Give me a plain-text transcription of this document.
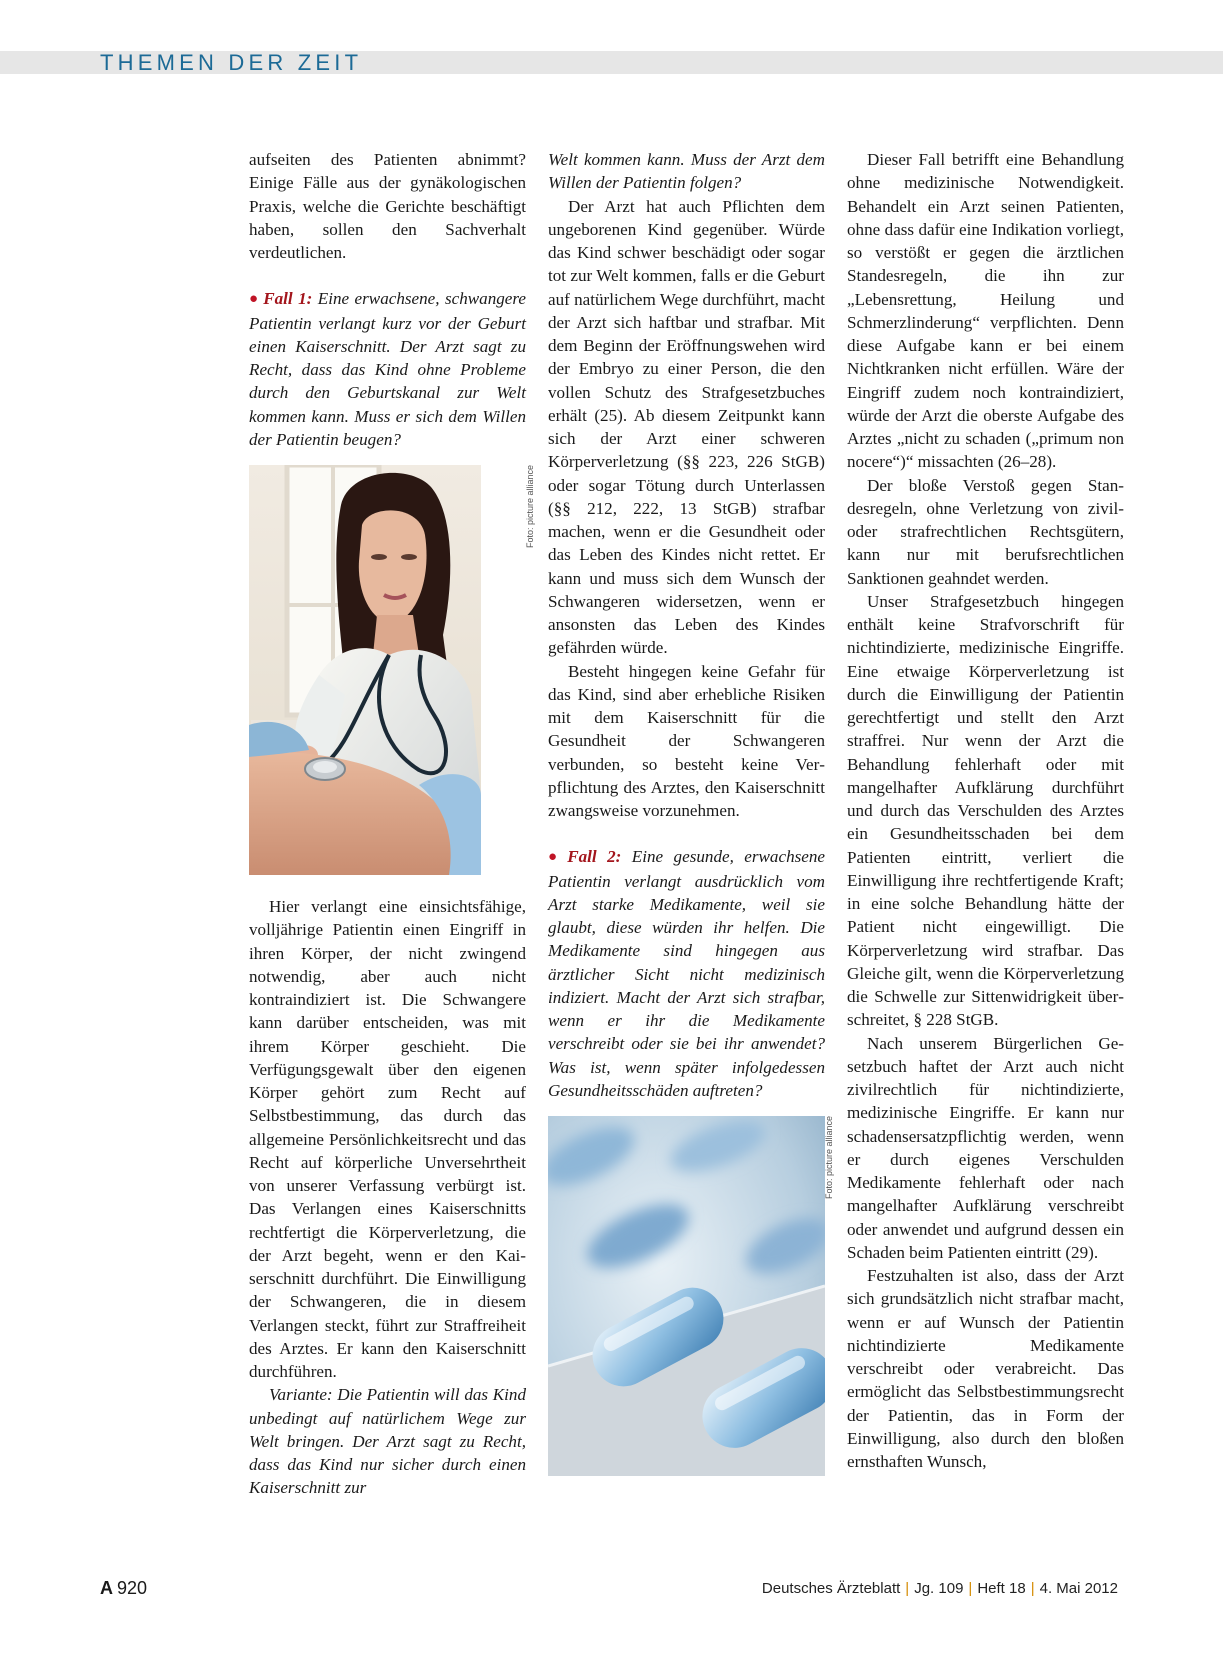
THEMEN DER ZEIT

aufseiten des Patienten abnimmt? Einige Fälle aus der gynäkologischen Praxis, welche die Gerichte beschäftigt haben, sollen den Sachverhalt verdeutlichen.

● Fall 1: Eine erwachsene, schwangere Patientin verlangt kurz vor der Geburt einen Kaiserschnitt. Der Arzt sagt zu Recht, dass das Kind ohne Probleme durch den Geburtskanal zur Welt kommen kann. Muss er sich dem Willen der Patientin beugen?

Foto: picture alliance

Hier verlangt eine einsichtsfähige, volljährige Patientin einen Eingriff in ihren Körper, der nicht zwingend notwendig, aber auch nicht kontraindiziert ist. Die Schwangere kann darüber entscheiden, was mit ihrem Körper geschieht. Die Verfügungsgewalt über den eigenen Körper gehört zum Recht auf Selbstbestimmung, das durch das allgemeine Persönlichkeitsrecht und das Recht auf körperliche Unversehrtheit von unserer Verfassung verbürgt ist. Das Verlangen eines Kaiserschnitts rechtfertigt die Körperverletzung, die der Arzt begeht, wenn er den Kaiserschnitt durchführt. Die Einwilligung der Schwangeren, die in diesem Verlangen steckt, führt zur Straffreiheit des Arztes. Er kann den Kaiserschnitt durchführen.

Variante: Die Patientin will das Kind unbedingt auf natürlichem Wege zur Welt bringen. Der Arzt sagt zu Recht, dass das Kind nur sicher durch einen Kaiserschnitt zur

Welt kommen kann. Muss der Arzt dem Willen der Patientin folgen?

Der Arzt hat auch Pflichten dem ungeborenen Kind gegenüber. Würde das Kind schwer beschädigt oder sogar tot zur Welt kommen, falls er die Geburt auf natürlichem Wege durchführt, macht der Arzt sich haftbar und strafbar. Mit dem Beginn der Eröffnungswehen wird der Embryo zu einer Person, die den vollen Schutz des Strafgesetzbuches erhält (25). Ab diesem Zeitpunkt kann sich der Arzt einer schweren Körperverletzung (§§ 223, 226 StGB) oder sogar Tötung durch Unterlassen (§§ 212, 222, 13 StGB) strafbar machen, wenn er die Gesundheit oder das Leben des Kindes nicht rettet. Er kann und muss sich dem Wunsch der Schwangeren widersetzen, wenn er ansonsten das Leben des Kindes gefährden würde.

Besteht hingegen keine Gefahr für das Kind, sind aber erhebliche Risiken mit dem Kaiserschnitt für die Gesundheit der Schwangeren verbunden, so besteht keine Verpflichtung des Arztes, den Kaiserschnitt zwangsweise vorzunehmen.

● Fall 2: Eine gesunde, erwachsene Patientin verlangt ausdrücklich vom Arzt starke Medikamente, weil sie glaubt, diese würden ihr helfen. Die Medikamente sind hingegen aus ärztlicher Sicht nicht medizinisch indiziert. Macht der Arzt sich strafbar, wenn er ihr die Medikamente verschreibt oder sie bei ihr anwendet? Was ist, wenn später infolgedessen Gesundheitsschäden auftreten?

Foto: picture alliance

Dieser Fall betrifft eine Behandlung ohne medizinische Notwendigkeit. Behandelt ein Arzt seinen Patienten, ohne dass dafür eine Indikation vorliegt, so verstößt er gegen die ärztlichen Standesregeln, die ihn zur „Lebensrettung, Heilung und Schmerzlinderung“ verpflichten. Denn diese Aufgabe kann er bei einem Nichtkranken nicht erfüllen. Wäre der Eingriff zudem noch kontraindiziert, würde der Arzt die oberste Aufgabe des Arztes „nicht zu schaden („primum non nocere“)“ missachten (26–28).

Der bloße Verstoß gegen Standesregeln, ohne Verletzung von zivil- oder strafrechtlichen Rechtsgütern, kann nur mit berufsrechtlichen Sanktionen geahndet werden.

Unser Strafgesetzbuch hingegen enthält keine Strafvorschrift für nichtindizierte, medizinische Eingriffe. Eine etwaige Körperverletzung ist durch die Einwilligung der Patientin gerechtfertigt und stellt den Arzt straffrei. Nur wenn der Arzt die Behandlung fehlerhaft oder mit mangelhafter Aufklärung durchführt und durch das Verschulden des Arztes ein Gesundheitsschaden bei dem Patienten eintritt, verliert die Einwilligung ihre rechtfertigende Kraft; in eine solche Behandlung hätte der Patient nicht eingewilligt. Die Körperverletzung wird strafbar. Das Gleiche gilt, wenn die Körperverletzung die Schwelle zur Sittenwidrigkeit überschreitet, § 228 StGB.

Nach unserem Bürgerlichen Gesetzbuch haftet der Arzt auch nicht zivilrechtlich für nichtindizierte, medizinische Eingriffe. Er kann nur schadensersatzpflichtig werden, wenn er durch eigenes Verschulden Medikamente fehlerhaft oder nach mangelhafter Aufklärung verschreibt oder anwendet und aufgrund dessen ein Schaden beim Patienten eintritt (29).

Festzuhalten ist also, dass der Arzt sich grundsätzlich nicht strafbar macht, wenn er auf Wunsch der Patientin nichtindizierte Medikamente verschreibt oder verabreicht. Das ermöglicht das Selbstbestimmungsrecht der Patientin, das in Form der Einwilligung, also durch den bloßen ernsthaften Wunsch,

A 920	Deutsches Ärzteblatt | Jg. 109 | Heft 18 | 4. Mai 2012
